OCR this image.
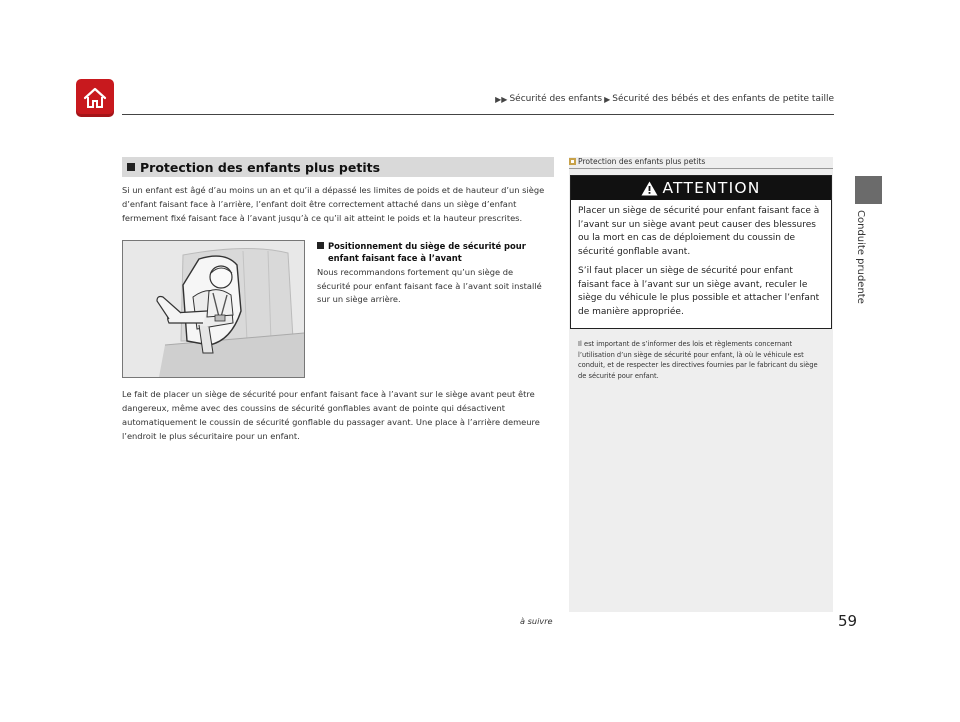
▶▶ Sécurité des enfants ▶ Sécurité des bébés et des enfants de petite taille
Conduite prudente
Protection des enfants plus petits
Si un enfant est âgé d’au moins un an et qu’il a dépassé les limites de poids et de hauteur d’un siège d’enfant faisant face à l’arrière, l’enfant doit être correctement attaché dans un siège d’enfant fermement fixé faisant face à l’avant jusqu’à ce qu’il ait atteint le poids et la hauteur prescrites.
Positionnement du siège de sécurité pour enfant faisant face à l’avant
Nous recommandons fortement qu’un siège de sécurité pour enfant faisant face à l’avant soit installé sur un siège arrière.
Le fait de placer un siège de sécurité pour enfant faisant face à l’avant sur le siège avant peut être dangereux, même avec des coussins de sécurité gonflables avant de pointe qui désactivent automatiquement le coussin de sécurité gonflable du passager avant. Une place à l’arrière demeure l’endroit le plus sécuritaire pour un enfant.
à suivre	59
Protection des enfants plus petits
ATTENTION
Placer un siège de sécurité pour enfant faisant face à l’avant sur un siège avant peut causer des blessures ou la mort en cas de déploiement du coussin de sécurité gonflable avant.
S’il faut placer un siège de sécurité pour enfant faisant face à l’avant sur un siège avant, reculer le siège du véhicule le plus possible et attacher l’enfant de manière appropriée.
Il est important de s’informer des lois et règlements concernant l’utilisation d’un siège de sécurité pour enfant, là où le véhicule est conduit, et de respecter les directives fournies par le fabricant du siège de sécurité pour enfant.
